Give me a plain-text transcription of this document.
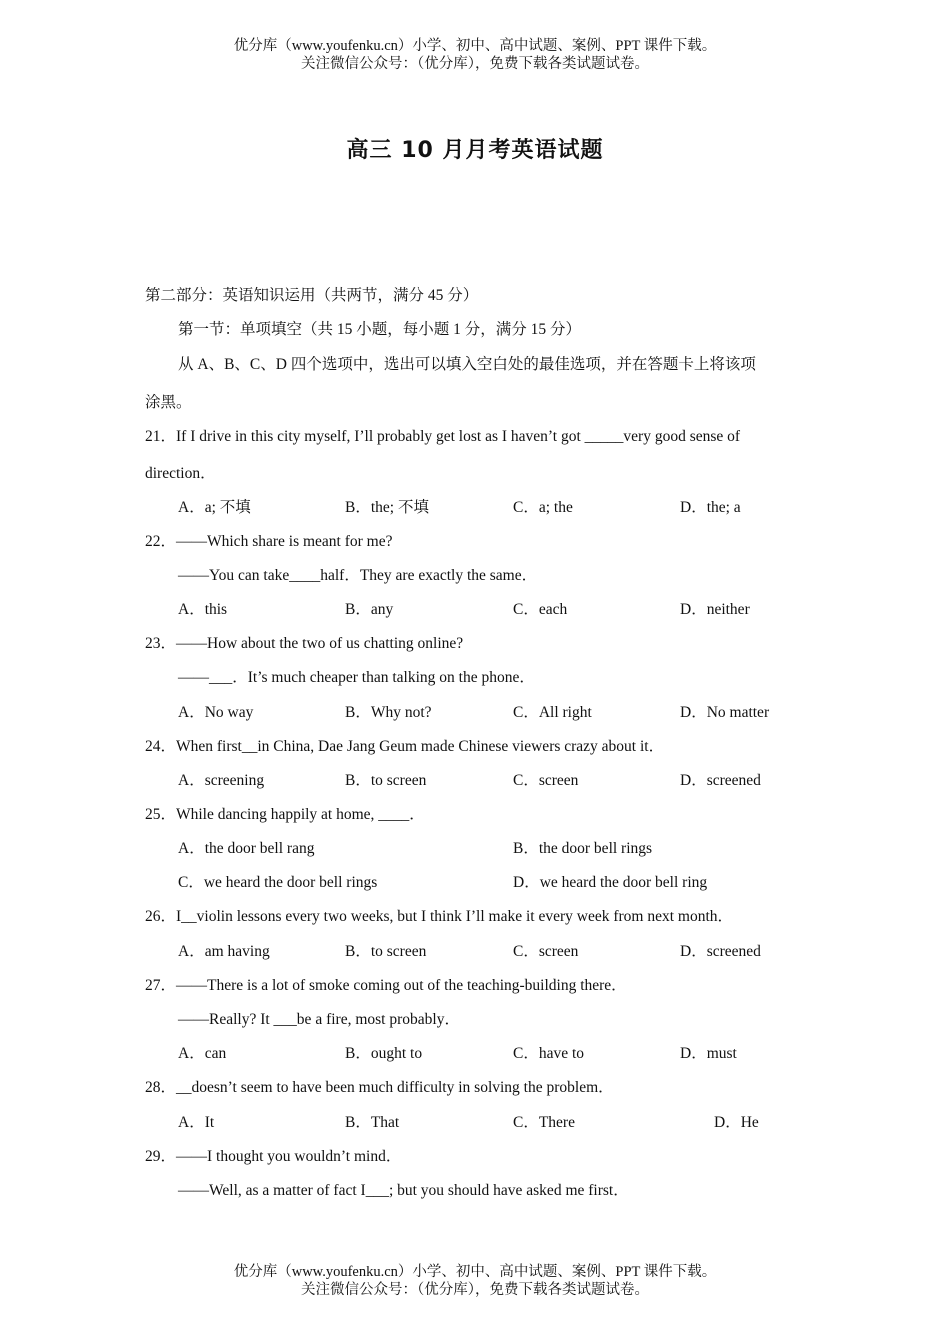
优分库（www.youfenku.cn）小学、初中、高中试题、案例、PPT 课件下载。
关注微信公众号：（优分库），免费下载各类试题试卷。
高三 10 月月考英语试题
第二部分：英语知识运用（共两节，满分 45 分）
第一节：单项填空（共 15 小题，每小题 1 分，满分 15 分）
从 A、B、C、D 四个选项中，选出可以填入空白处的最佳选项，并在答题卡上将该项
涂黑。
21．If I drive in this city myself, I’ll probably get lost as I haven’t got _____very good sense of
direction．
A．a; 不填	B．the; 不填	C．a; the	D．the; a
22．——Which share is meant for me?
——You can take____half．They are exactly the same．
A．this	B．any	C．each	D．neither
23．——How about the two of us chatting online?
——___．It’s much cheaper than talking on the phone．
A．No way	B．Why not?	C．All right	D．No matter
24．When first__in China, Dae Jang Geum made Chinese viewers crazy about it．
A．screening	B．to screen	C．screen	D．screened
25．While dancing happily at home, ____．
A．the door bell rang	B．the door bell rings
C．we heard the door bell rings	D．we heard the door bell ring
26．I__violin lessons every two weeks, but I think I’ll make it every week from next month．
A．am having	B．to screen	C．screen	D．screened
27．——There is a lot of smoke coming out of the teaching-building there．
——Really? It ___be a fire, most probably．
A．can	B．ought to	C．have to	D．must
28．__doesn’t seem to have been much difficulty in solving the problem．
A．It	B．That	C．There	D．He
29．——I thought you wouldn’t mind．
——Well, as a matter of fact I___; but you should have asked me first．
优分库（www.youfenku.cn）小学、初中、高中试题、案例、PPT 课件下载。
关注微信公众号：（优分库），免费下载各类试题试卷。
